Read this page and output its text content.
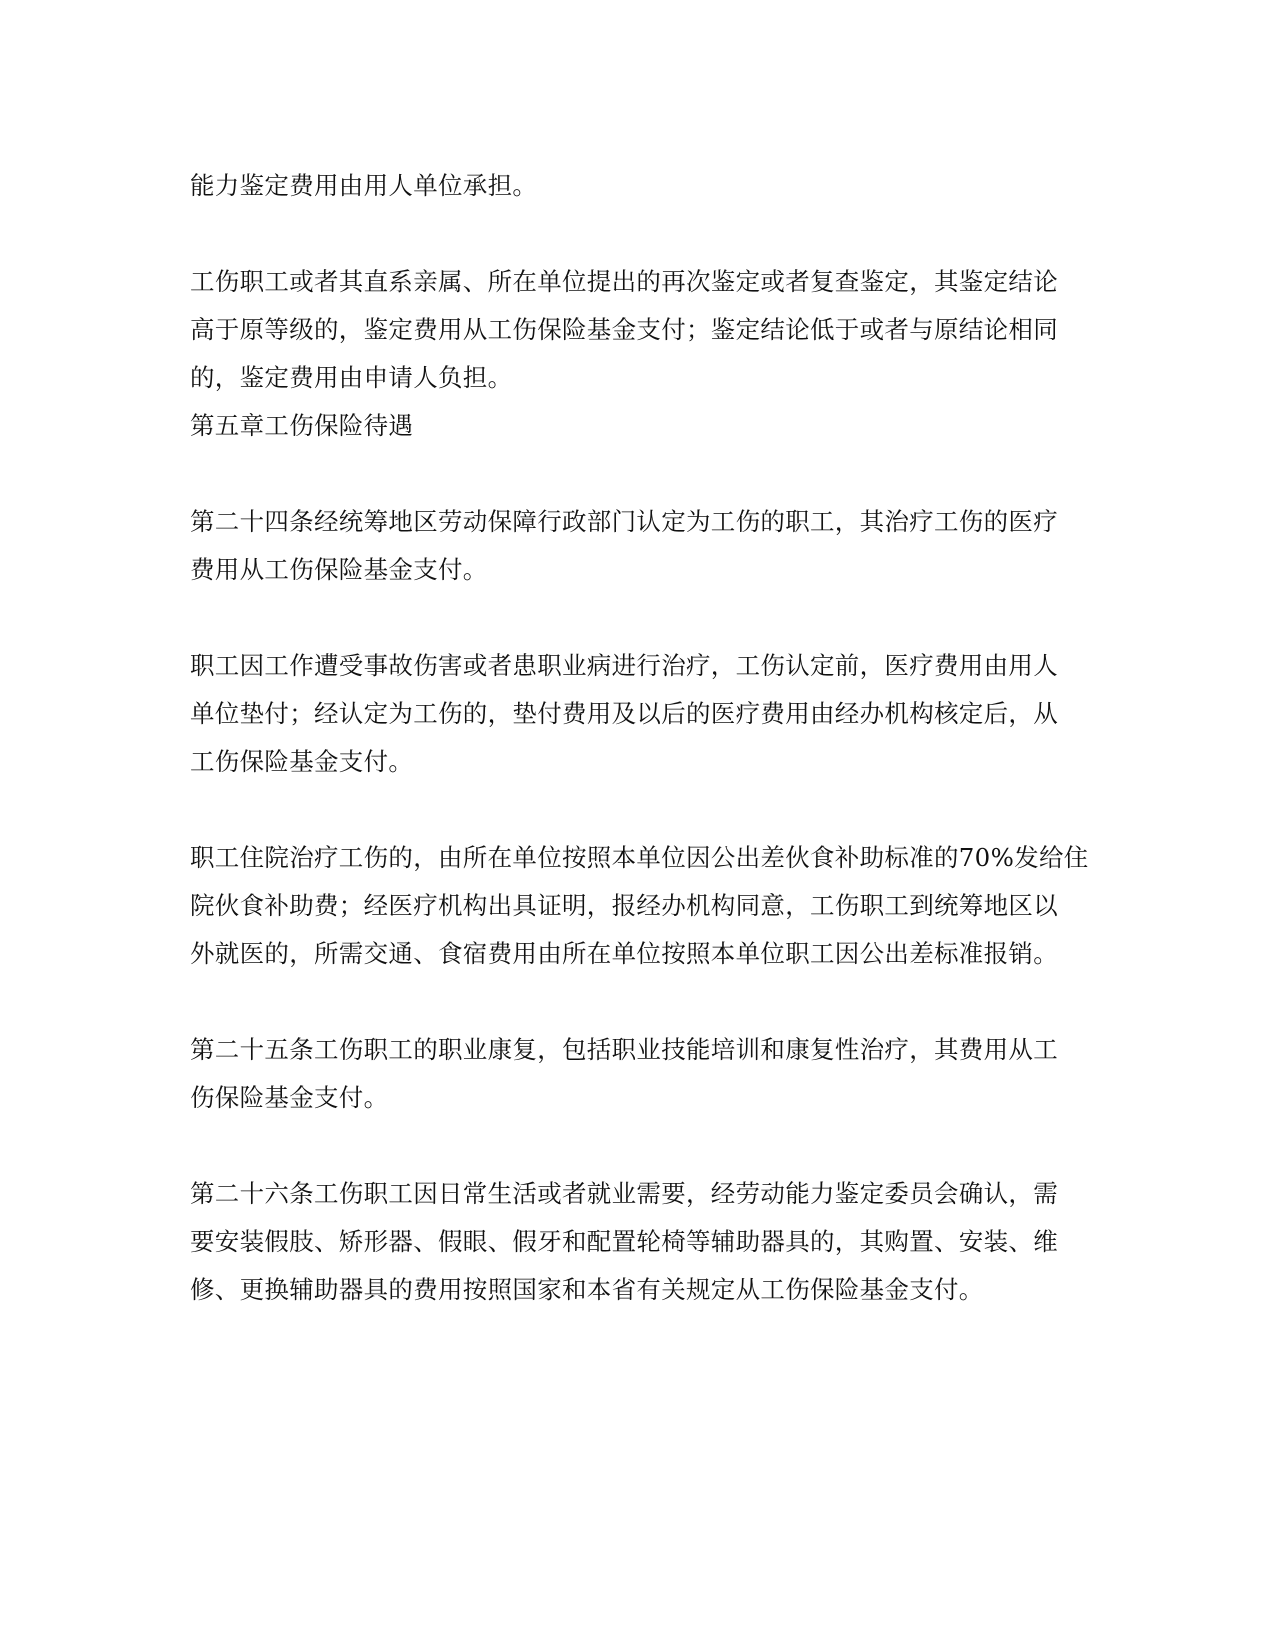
能力鉴定费用由用人单位承担。

工伤职工或者其直系亲属、所在单位提出的再次鉴定或者复查鉴定，其鉴定结论
高于原等级的，鉴定费用从工伤保险基金支付；鉴定结论低于或者与原结论相同
的，鉴定费用由申请人负担。

第五章工伤保险待遇

第二十四条经统筹地区劳动保障行政部门认定为工伤的职工，其治疗工伤的医疗
费用从工伤保险基金支付。

职工因工作遭受事故伤害或者患职业病进行治疗，工伤认定前，医疗费用由用人
单位垫付；经认定为工伤的，垫付费用及以后的医疗费用由经办机构核定后，从
工伤保险基金支付。

职工住院治疗工伤的，由所在单位按照本单位因公出差伙食补助标准的70%发给住
院伙食补助费；经医疗机构出具证明，报经办机构同意，工伤职工到统筹地区以
外就医的，所需交通、食宿费用由所在单位按照本单位职工因公出差标准报销。

第二十五条工伤职工的职业康复，包括职业技能培训和康复性治疗，其费用从工
伤保险基金支付。

第二十六条工伤职工因日常生活或者就业需要，经劳动能力鉴定委员会确认，需
要安装假肢、矫形器、假眼、假牙和配置轮椅等辅助器具的，其购置、安装、维
修、更换辅助器具的费用按照国家和本省有关规定从工伤保险基金支付。
